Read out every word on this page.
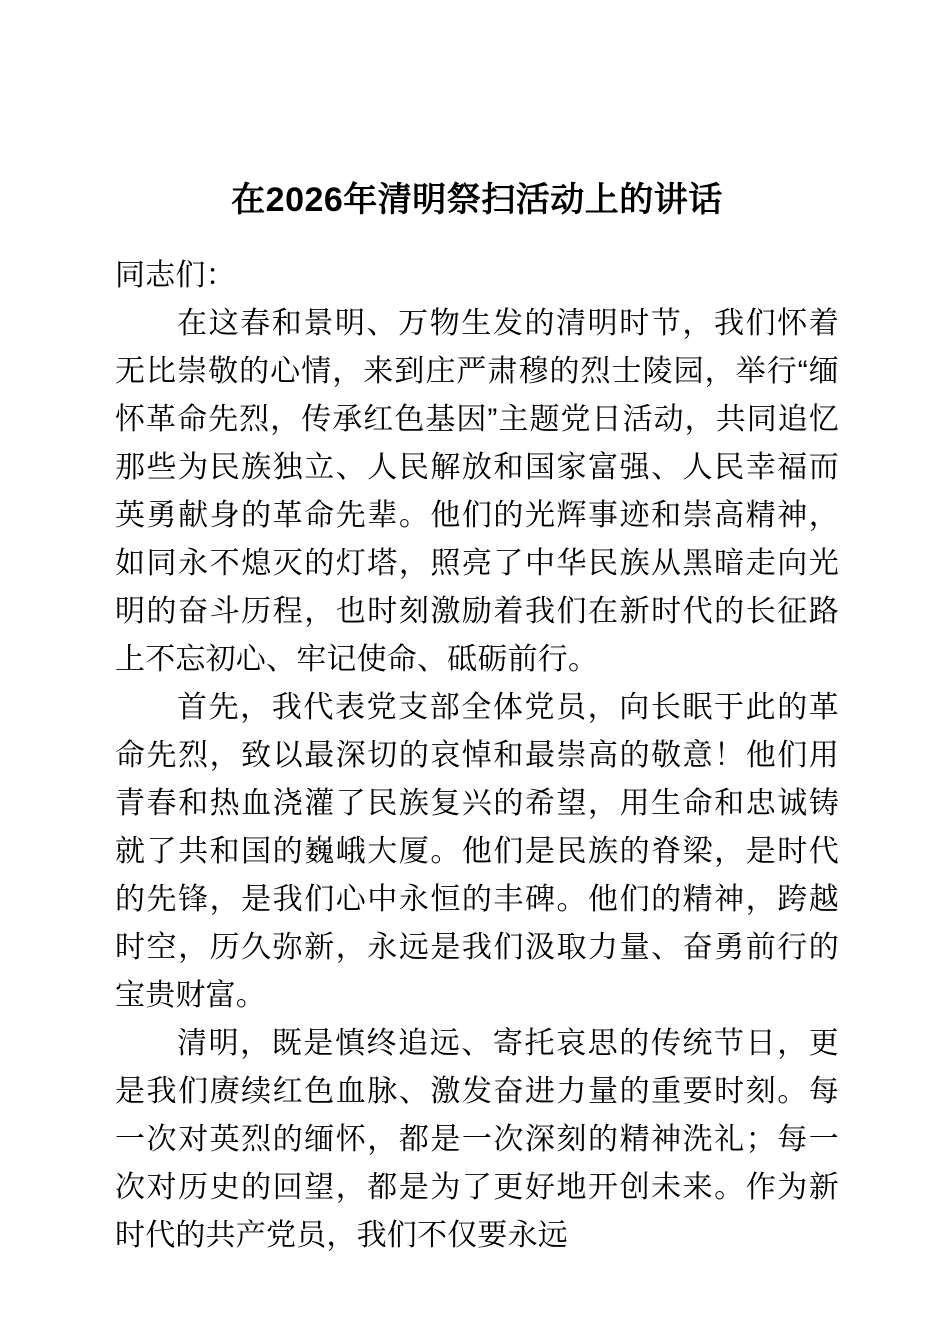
在2026年清明祭扫活动上的讲话

同志们：

在这春和景明、万物生发的清明时节，我们怀着无比崇敬的心情，来到庄严肃穆的烈士陵园，举行“缅怀革命先烈，传承红色基因”主题党日活动，共同追忆那些为民族独立、人民解放和国家富强、人民幸福而英勇献身的革命先辈。他们的光辉事迹和崇高精神，如同永不熄灭的灯塔，照亮了中华民族从黑暗走向光明的奋斗历程，也时刻激励着我们在新时代的长征路上不忘初心、牢记使命、砥砺前行。

首先，我代表党支部全体党员，向长眠于此的革命先烈，致以最深切的哀悼和最崇高的敬意！他们用青春和热血浇灌了民族复兴的希望，用生命和忠诚铸就了共和国的巍峨大厦。他们是民族的脊梁，是时代的先锋，是我们心中永恒的丰碑。他们的精神，跨越时空，历久弥新，永远是我们汲取力量、奋勇前行的宝贵财富。

清明，既是慎终追远、寄托哀思的传统节日，更是我们赓续红色血脉、激发奋进力量的重要时刻。每一次对英烈的缅怀，都是一次深刻的精神洗礼；每一次对历史的回望，都是为了更好地开创未来。作为新时代的共产党员，我们不仅要永远
